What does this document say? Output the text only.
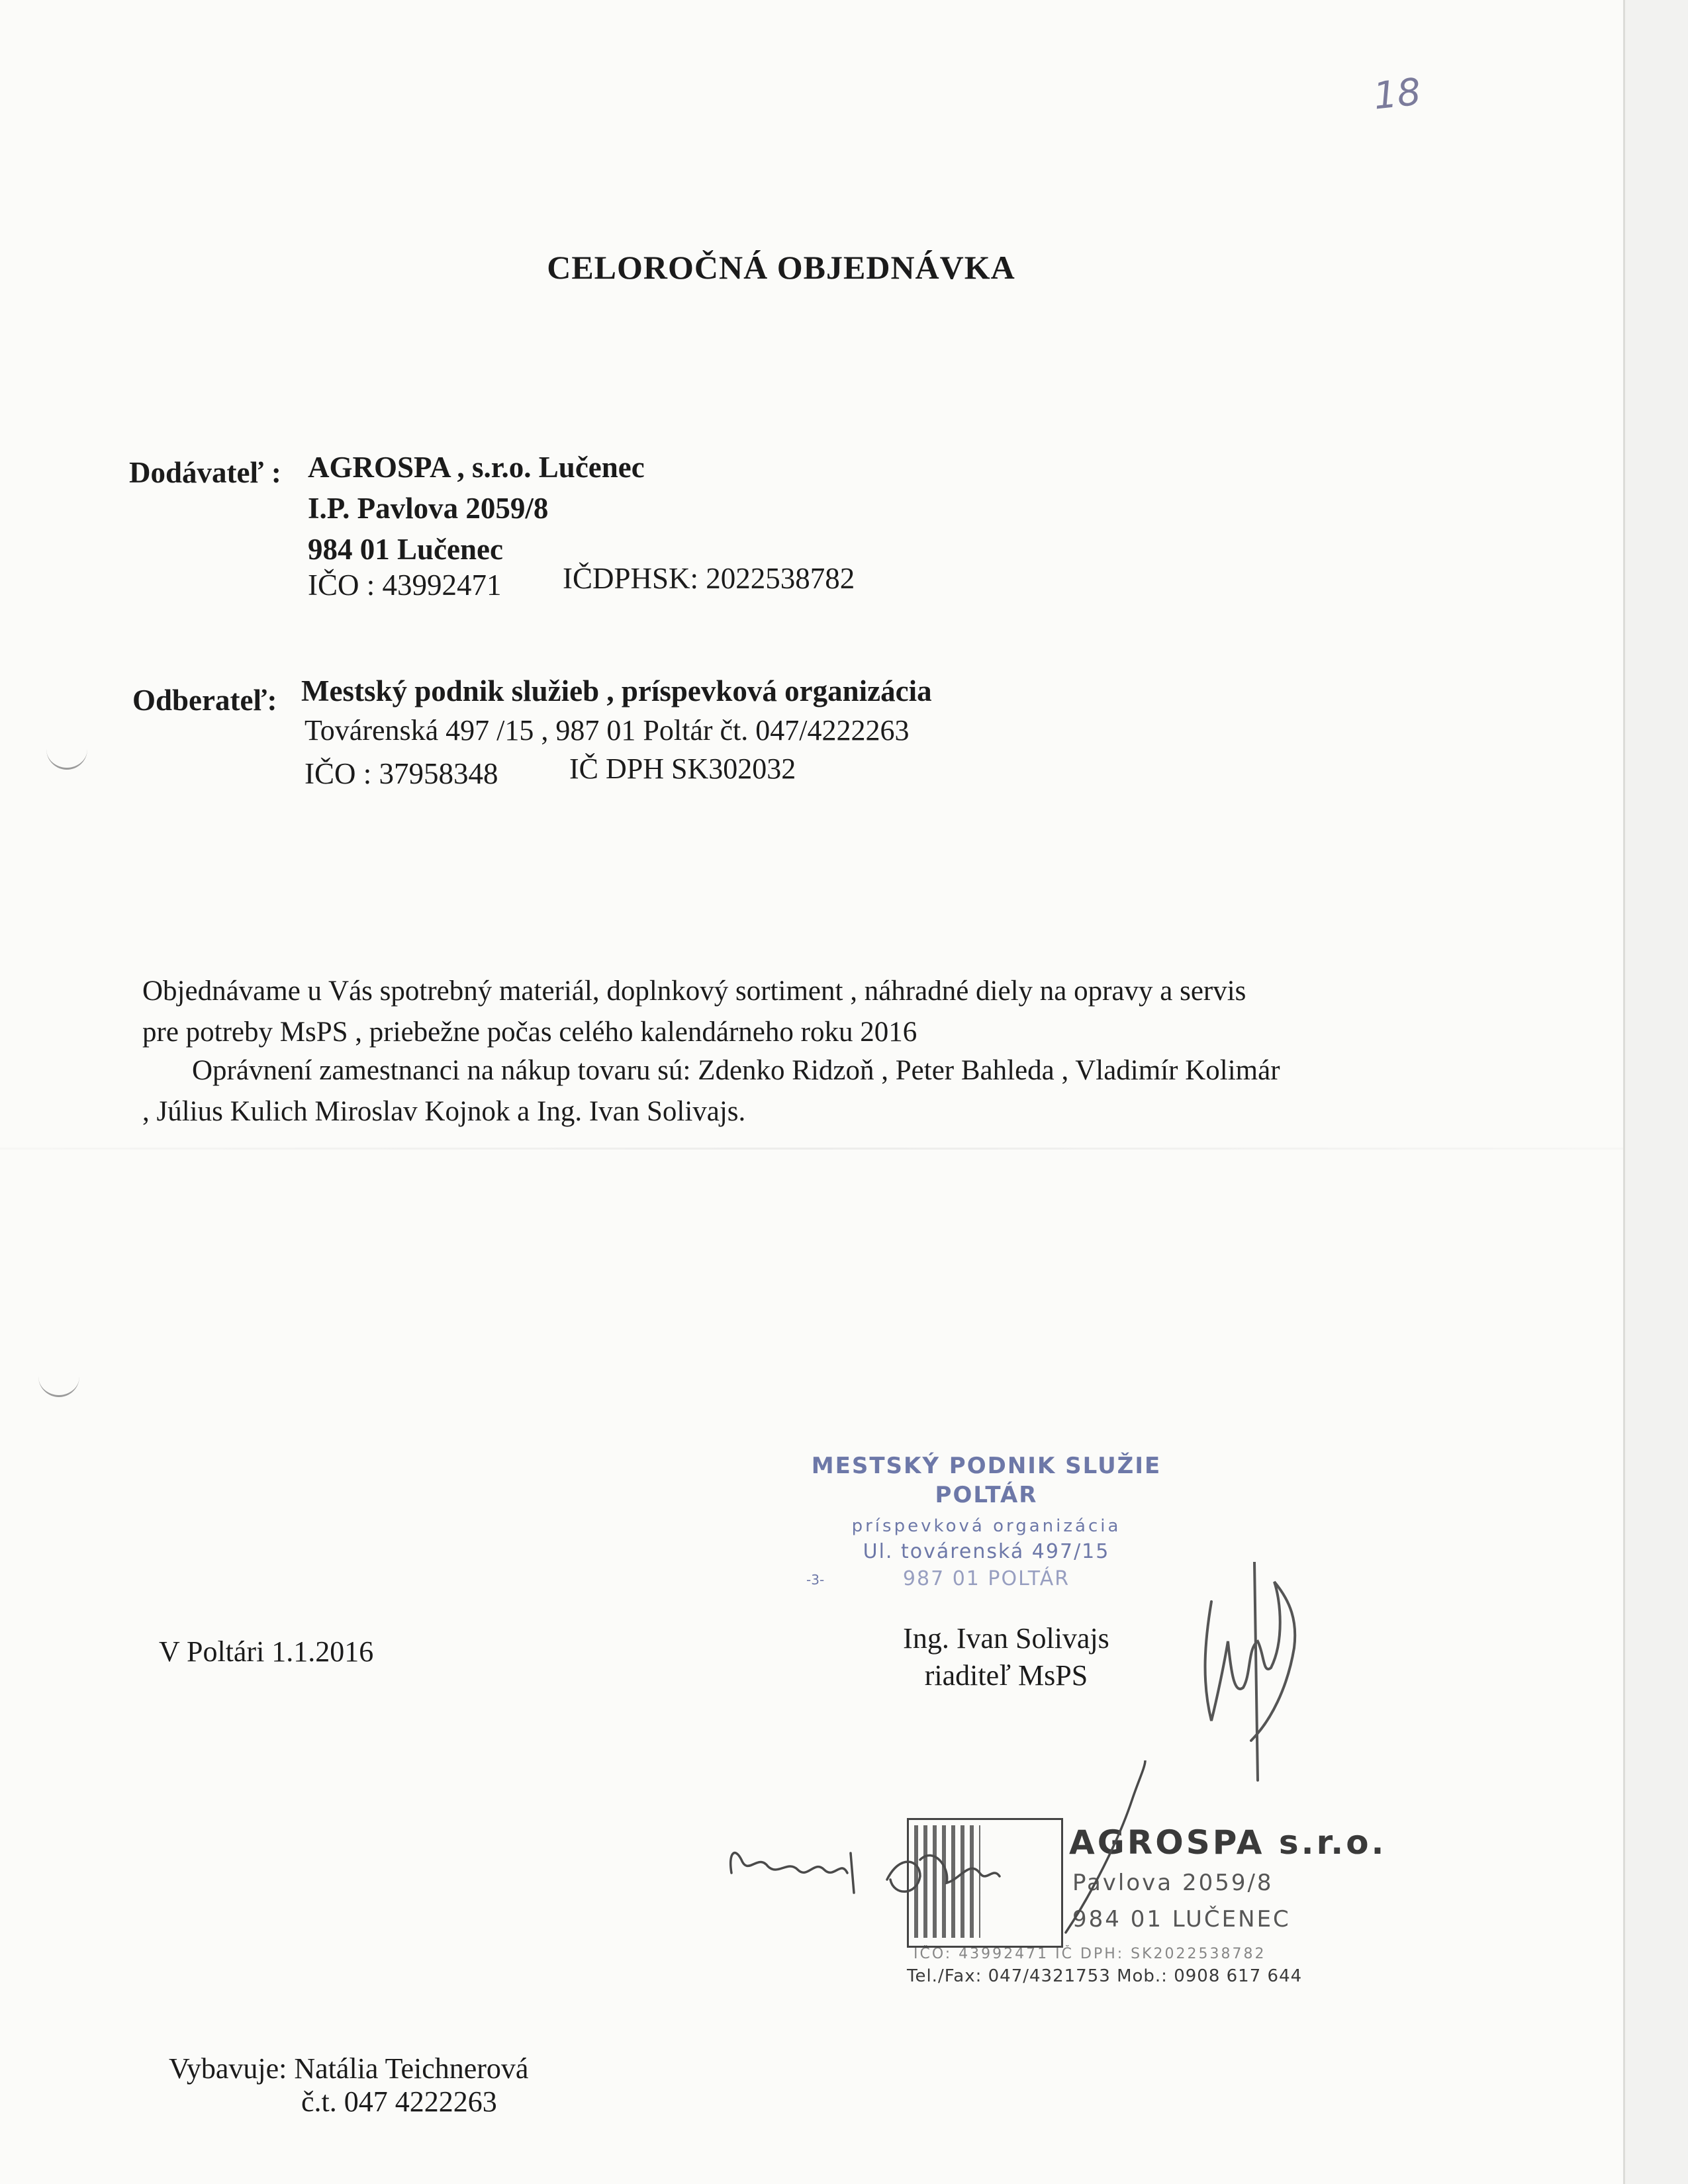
18
CELOROČNÁ OBJEDNÁVKA
Dodávateľ : AGROSPA , s.r.o. Lučenec
I.P. Pavlova 2059/8
984 01 Lučenec
IČO : 43992471 IČDPHSK: 2022538782
Odberateľ: Mestský podnik služieb , príspevková organizácia
Továrenská 497 /15 , 987 01 Poltár čt. 047/4222263
IČO : 37958348 IČ DPH SK302032
Objednávame u Vás spotrebný materiál, doplnkový sortiment , náhradné diely na opravy a servis
pre potreby MsPS , priebežne počas celého kalendárneho roku 2016
Oprávnení zamestnanci na nákup tovaru sú: Zdenko Ridzoň , Peter Bahleda , Vladimír Kolimár
, Július Kulich Miroslav Kojnok a Ing. Ivan Solivajs.
V Poltári 1.1.2016
MESTSKÝ PODNIK SLUŽIE
POLTÁR
príspevková organizácia
Ul. továrenská 497/15
987 01 POLTÁR
-3-
Ing. Ivan Solivajs
riaditeľ MsPS
AGROSPA s.r.o.
Pavlova 2059/8
984 01 LUČENEC
IČO: 43992471 IČ DPH: SK2022538782
Tel./Fax: 047/4321753 Mob.: 0908 617 644
Vybavuje: Natália Teichnerová
č.t. 047 4222263
